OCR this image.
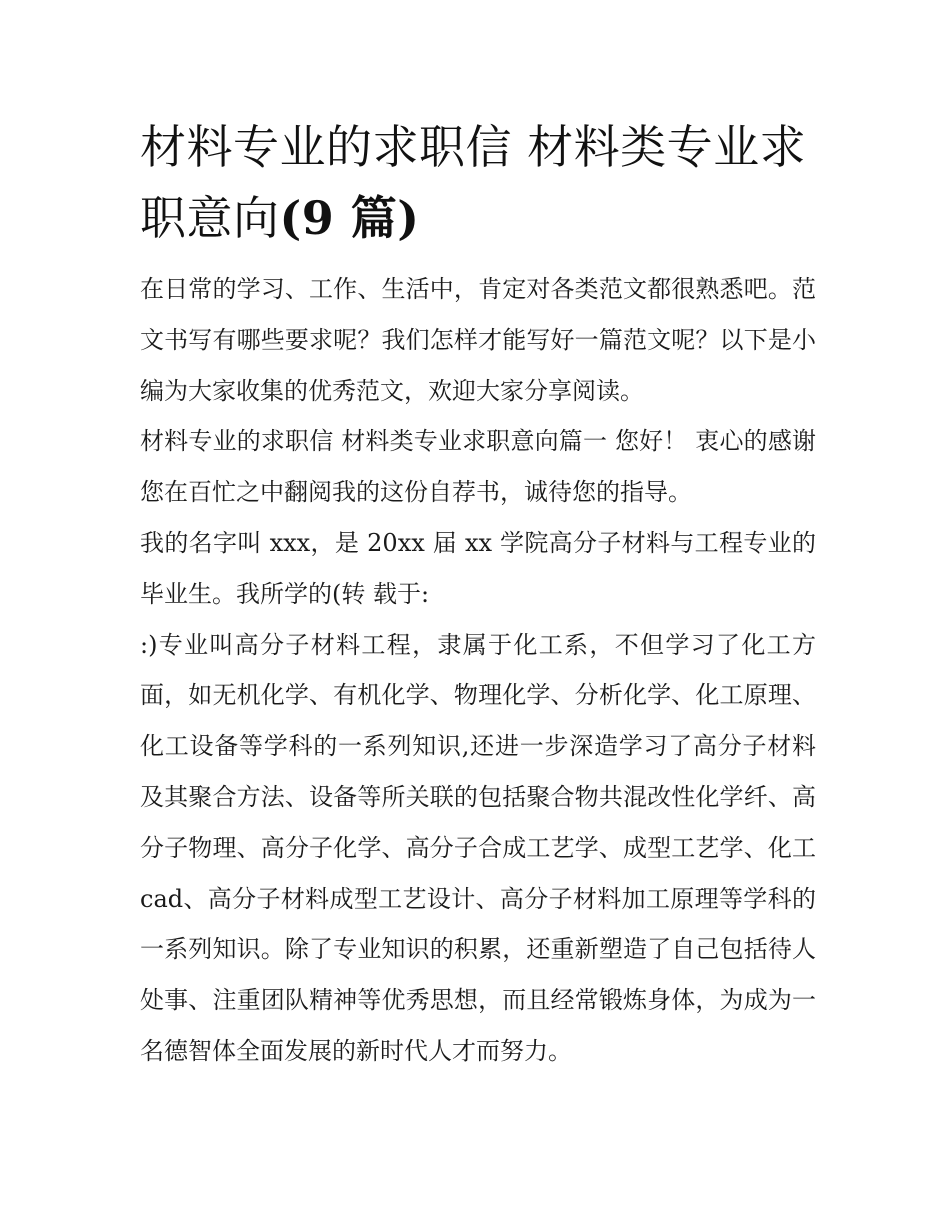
材料专业的求职信 材料类专业求职意向(9 篇)

在日常的学习、工作、生活中，肯定对各类范文都很熟悉吧。范文书写有哪些要求呢？我们怎样才能写好一篇范文呢？以下是小编为大家收集的优秀范文，欢迎大家分享阅读。

材料专业的求职信 材料类专业求职意向篇一 您好！ 衷心的感谢您在百忙之中翻阅我的这份自荐书，诚待您的指导。

我的名字叫 xxx，是 20xx 届 xx 学院高分子材料与工程专业的毕业生。我所学的(转 载于:

:)专业叫高分子材料工程，隶属于化工系，不但学习了化工方面，如无机化学、有机化学、物理化学、分析化学、化工原理、化工设备等学科的一系列知识,还进一步深造学习了高分子材料及其聚合方法、设备等所关联的包括聚合物共混改性化学纤、高分子物理、高分子化学、高分子合成工艺学、成型工艺学、化工 cad、高分子材料成型工艺设计、高分子材料加工原理等学科的一系列知识。除了专业知识的积累，还重新塑造了自己包括待人处事、注重团队精神等优秀思想，而且经常锻炼身体，为成为一名德智体全面发展的新时代人才而努力。
